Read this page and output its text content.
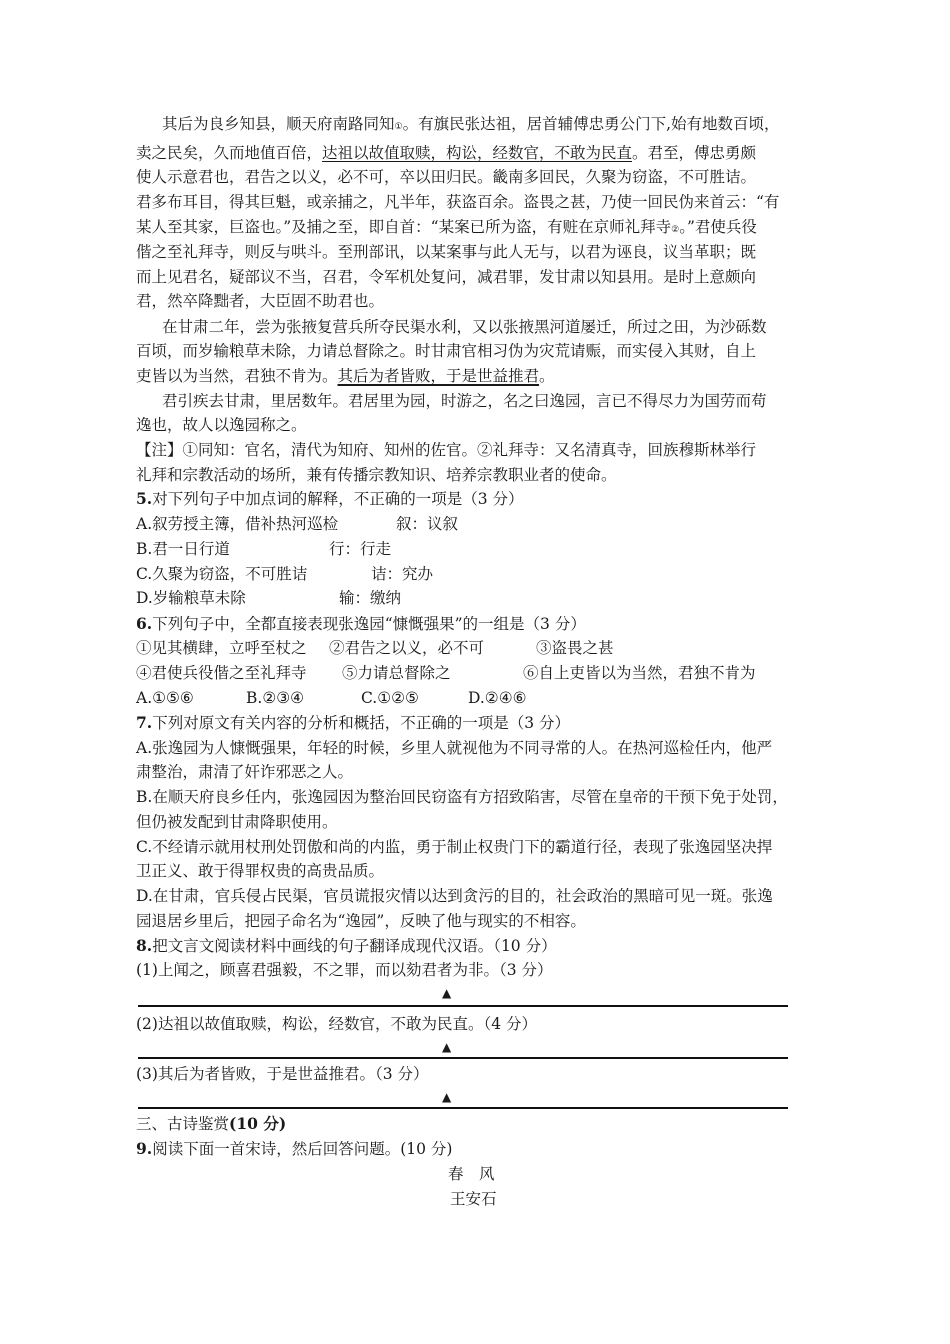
其后为良乡知县，顺天府南路同知①。有旗民张达祖，居首辅傅忠勇公门下,始有地数百顷，
卖之民矣，久而地值百倍，达祖以故值取赎，构讼，经数官，不敢为民直。君至，傅忠勇颇
使人示意君也，君告之以义，必不可，卒以田归民。畿南多回民，久聚为窃盗，不可胜诘。
君多布耳目，得其巨魁，或亲捕之，凡半年，获盗百余。盗畏之甚，乃使一回民伪来首云：“有
某人至其家，巨盗也。”及捕之至，即自首：“某案已所为盗，有赃在京师礼拜寺②。”君使兵役
偕之至礼拜寺，则反与哄斗。至刑部讯，以某案事与此人无与，以君为诬良，议当革职；既
而上见君名，疑部议不当，召君，令军机处复问，减君罪，发甘肃以知县用。是时上意颇向
君，然卒降黜者，大臣固不助君也。
在甘肃二年，尝为张掖复营兵所夺民渠水利，又以张掖黑河道屡迁，所过之田，为沙砾数
百顷，而岁输粮草未除，力请总督除之。时甘肃官相习伪为灾荒请赈，而实侵入其财，自上
吏皆以为当然，君独不肯为。其后为者皆败，于是世益推君。
君引疾去甘肃，里居数年。君居里为园，时游之，名之曰逸园，言已不得尽力为国劳而苟
逸也，故人以逸园称之。
【注】①同知：官名，清代为知府、知州的佐官。②礼拜寺：又名清真寺，回族穆斯林举行
礼拜和宗教活动的场所，兼有传播宗教知识、培养宗教职业者的使命。
5.对下列句子中加点词的解释，不正确的一项是（3 分）
A.叙劳授主簿，借补热河巡检	叙：议叙
B.君一日行道	行：行走
C.久聚为窃盗，不可胜诘	诘：究办
D.岁输粮草未除	输：缴纳
6.下列句子中，全都直接表现张逸园“慷慨强果”的一组是（3 分）
①见其横肆，立呼至杖之 ②君告之以义，必不可	③盗畏之甚
④君使兵役偕之至礼拜寺 ⑤力请总督除之	⑥自上吏皆以为当然，君独不肯为
A.①⑤⑥	B.②③④	C.①②⑤	D.②④⑥
7.下列对原文有关内容的分析和概括，不正确的一项是（3 分）
A.张逸园为人慷慨强果，年轻的时候，乡里人就视他为不同寻常的人。在热河巡检任内，他严
肃整治，肃清了奸诈邪恶之人。
B.在顺天府良乡任内，张逸园因为整治回民窃盗有方招致陷害，尽管在皇帝的干预下免于处罚，
但仍被发配到甘肃降职使用。
C.不经请示就用杖刑处罚傲和尚的内监，勇于制止权贵门下的霸道行径，表现了张逸园坚决捍
卫正义、敢于得罪权贵的高贵品质。
D.在甘肃，官兵侵占民渠，官员谎报灾情以达到贪污的目的，社会政治的黑暗可见一斑。张逸
园退居乡里后，把园子命名为“逸园”，反映了他与现实的不相容。
8.把文言文阅读材料中画线的句子翻译成现代汉语。（10 分）
(1)上闻之，顾喜君强毅，不之罪，而以劾君者为非。（3 分）
▲
(2)达祖以故值取赎，构讼，经数官，不敢为民直。（4 分）
▲
(3)其后为者皆败，于是世益推君。（3 分）
▲
三、古诗鉴赏(10 分)
9.阅读下面一首宋诗，然后回答问题。(10 分)
春　风
王安石
